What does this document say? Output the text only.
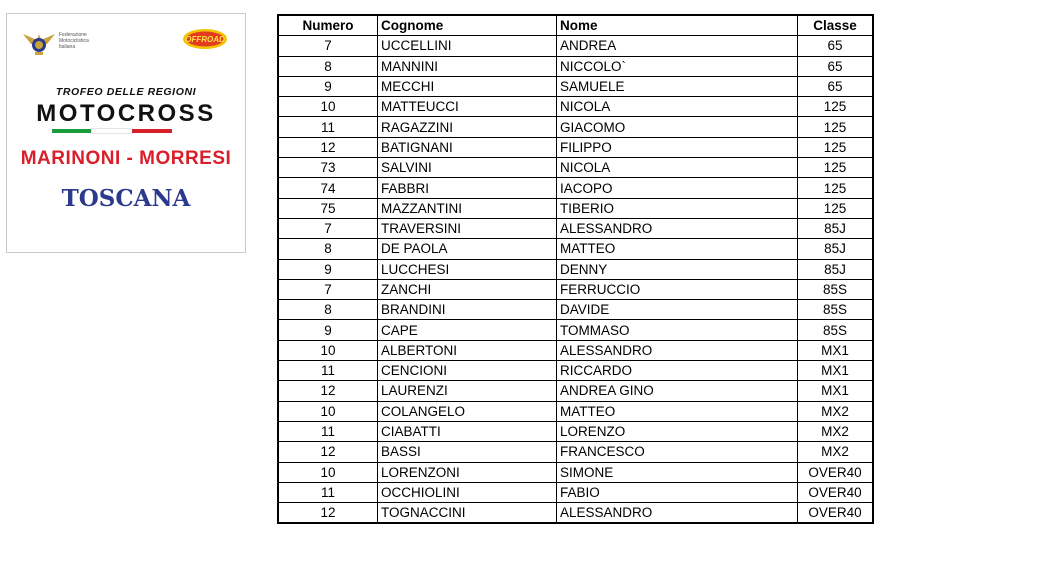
Federazione
Motociclistica
Italiana
OFFROAD
TROFEO DELLE REGIONI
MOTOCROSS
MARINONI - MORRESI
TOSCANA
Numero	Cognome	Nome	Classe
7	UCCELLINI	ANDREA	65
8	MANNINI	NICCOLO`	65
9	MECCHI	SAMUELE	65
10	MATTEUCCI	NICOLA	125
11	RAGAZZINI	GIACOMO	125
12	BATIGNANI	FILIPPO	125
73	SALVINI	NICOLA	125
74	FABBRI	IACOPO	125
75	MAZZANTINI	TIBERIO	125
7	TRAVERSINI	ALESSANDRO	85J
8	DE PAOLA	MATTEO	85J
9	LUCCHESI	DENNY	85J
7	ZANCHI	FERRUCCIO	85S
8	BRANDINI	DAVIDE	85S
9	CAPE	TOMMASO	85S
10	ALBERTONI	ALESSANDRO	MX1
11	CENCIONI	RICCARDO	MX1
12	LAURENZI	ANDREA GINO	MX1
10	COLANGELO	MATTEO	MX2
11	CIABATTI	LORENZO	MX2
12	BASSI	FRANCESCO	MX2
10	LORENZONI	SIMONE	OVER40
11	OCCHIOLINI	FABIO	OVER40
12	TOGNACCINI	ALESSANDRO	OVER40
